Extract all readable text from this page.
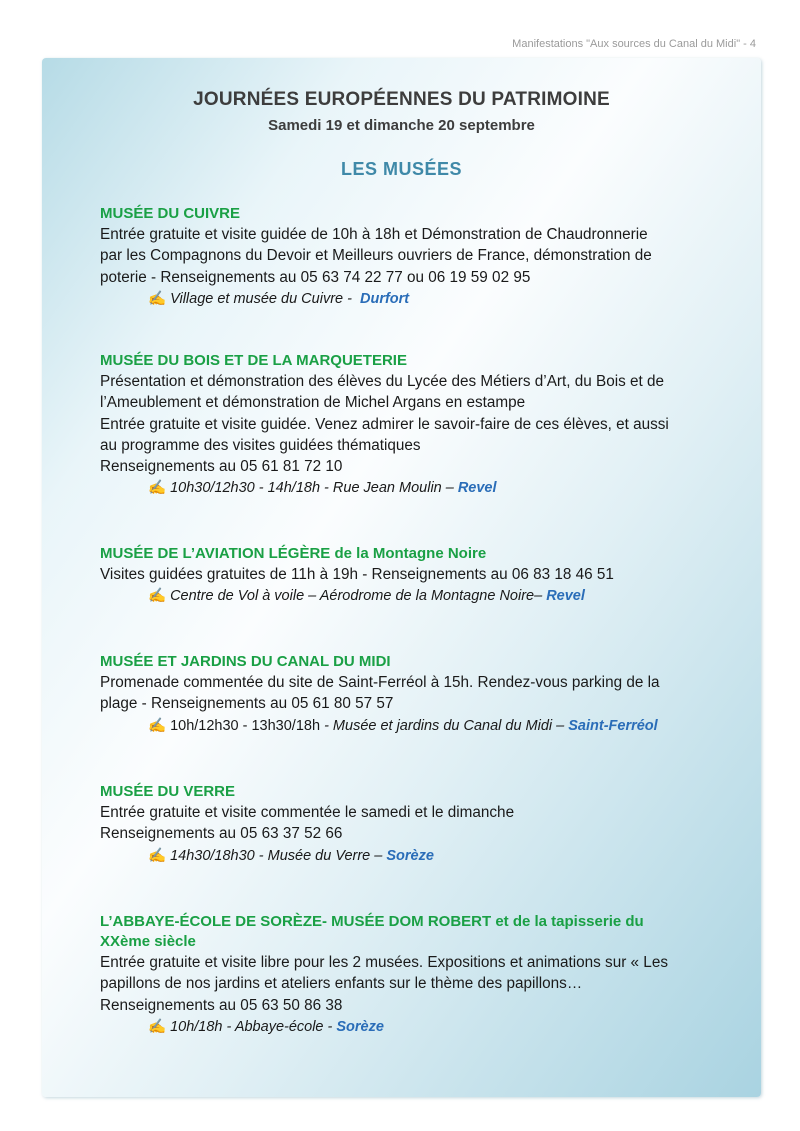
Manifestations "Aux sources du Canal du Midi" - 4
JOURNÉES EUROPÉENNES DU PATRIMOINE
Samedi 19 et dimanche 20 septembre
LES MUSÉES

MUSÉE DU CUIVRE

Entrée gratuite et visite guidée de 10h à 18h et Démonstration de Chaudronnerie

par les Compagnons du Devoir et Meilleurs ouvriers de France, démonstration de

poterie - Renseignements au 05 63 74 22 77 ou 06 19 59 02 95

✍ Village et musée du Cuivre - Durfort

MUSÉE DU BOIS ET DE LA MARQUETERIE

Présentation et démonstration des élèves du Lycée des Métiers d’Art, du Bois et de

l’Ameublement et démonstration de Michel Argans en estampe

Entrée gratuite et visite guidée. Venez admirer le savoir-faire de ces élèves, et aussi

au programme des visites guidées thématiques

Renseignements au 05 61 81 72 10

✍ 10h30/12h30 - 14h/18h - Rue Jean Moulin – Revel

MUSÉE DE L’AVIATION LÉGÈRE de la Montagne Noire

Visites guidées gratuites de 11h à 19h - Renseignements au 06 83 18 46 51

✍ Centre de Vol à voile – Aérodrome de la Montagne Noire– Revel

MUSÉE ET JARDINS DU CANAL DU MIDI

Promenade commentée du site de Saint-Ferréol à 15h. Rendez-vous parking de la

plage - Renseignements au 05 61 80 57 57

✍ 10h/12h30 - 13h30/18h - Musée et jardins du Canal du Midi – Saint-Ferréol

MUSÉE DU VERRE

Entrée gratuite et visite commentée le samedi et le dimanche

Renseignements au 05 63 37 52 66

✍ 14h30/18h30 - Musée du Verre – Sorèze

L’ABBAYE-ÉCOLE DE SORÈZE- MUSÉE DOM ROBERT et de la tapisserie du

XXème siècle

Entrée gratuite et visite libre pour les 2 musées. Expositions et animations sur « Les

papillons de nos jardins et ateliers enfants sur le thème des papillons…

Renseignements au 05 63 50 86 38

✍ 10h/18h - Abbaye-école - Sorèze
